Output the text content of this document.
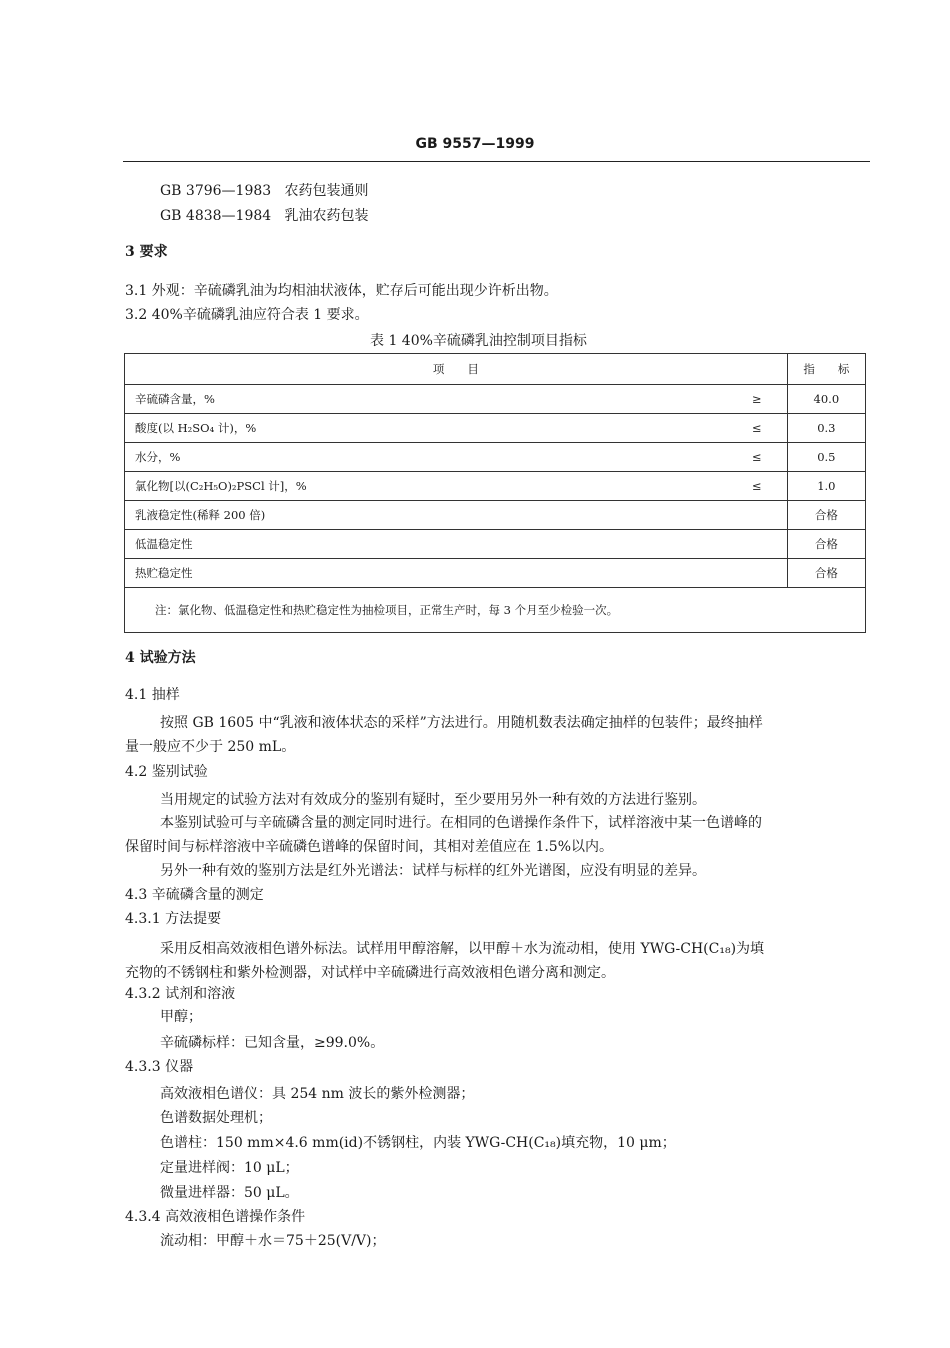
GB 9557—1999
GB 3796—1983 农药包装通则
GB 4838—1984 乳油农药包装
3 要求
3.1 外观：辛硫磷乳油为均相油状液体，贮存后可能出现少许析出物。
3.2 40%辛硫磷乳油应符合表 1 要求。
表 1 40%辛硫磷乳油控制项目指标
项　　目		指　　标
辛硫磷含量，%	≥	40.0
酸度(以 H₂SO₄ 计)，%	≤	0.3
水分，%	≤	0.5
氯化物[以(C₂H₅O)₂PSCl 计]，%	≤	1.0
乳液稳定性(稀释 200 倍)		合格
低温稳定性		合格
热贮稳定性		合格
注：氯化物、低温稳定性和热贮稳定性为抽检项目，正常生产时，每 3 个月至少检验一次。		
4 试验方法
4.1 抽样
按照 GB 1605 中“乳液和液体状态的采样”方法进行。用随机数表法确定抽样的包装件；最终抽样
量一般应不少于 250 mL。
4.2 鉴别试验
当用规定的试验方法对有效成分的鉴别有疑时，至少要用另外一种有效的方法进行鉴别。
本鉴别试验可与辛硫磷含量的测定同时进行。在相同的色谱操作条件下，试样溶液中某一色谱峰的
保留时间与标样溶液中辛硫磷色谱峰的保留时间，其相对差值应在 1.5%以内。
另外一种有效的鉴别方法是红外光谱法：试样与标样的红外光谱图，应没有明显的差异。
4.3 辛硫磷含量的测定
4.3.1 方法提要
采用反相高效液相色谱外标法。试样用甲醇溶解，以甲醇＋水为流动相，使用 YWG-CH(C₁₈)为填
充物的不锈钢柱和紫外检测器，对试样中辛硫磷进行高效液相色谱分离和测定。
4.3.2 试剂和溶液
甲醇；
辛硫磷标样：已知含量，≥99.0%。
4.3.3 仪器
高效液相色谱仪：具 254 nm 波长的紫外检测器；
色谱数据处理机；
色谱柱：150 mm×4.6 mm(id)不锈钢柱，内装 YWG-CH(C₁₈)填充物，10 μm；
定量进样阀：10 μL；
微量进样器：50 μL。
4.3.4 高效液相色谱操作条件
流动相：甲醇＋水＝75＋25(V/V)；
